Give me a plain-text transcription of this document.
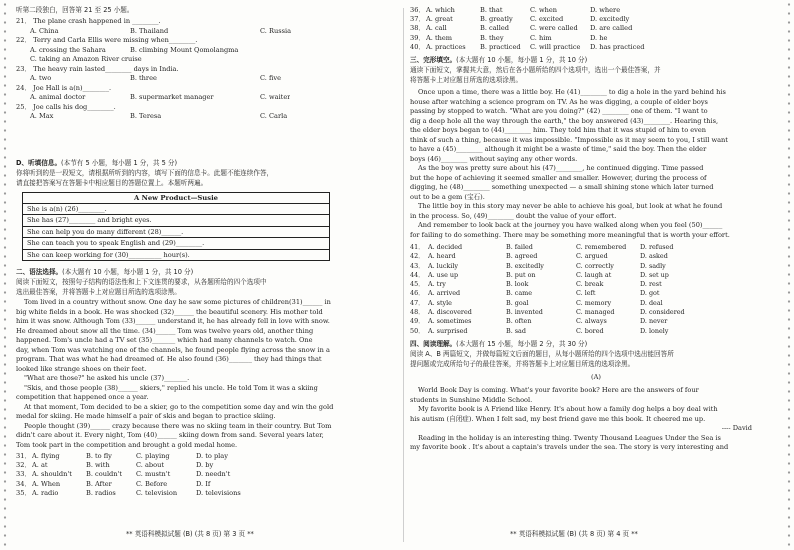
听第二段独白，回答第 21 至 25 小题。
21． The plane crash happened in ________.
A. China	B. Thailand	C. Russia
22． Terry and Carla Ellis were missing when________.
A. crossing the Sahara	B. climbing Mount Qomolangma
C. taking an Amazon River cruise
23． The heavy rain lasted________ days in India.
A. two	B. three	C. five
24． Joe Hall is a(n)________.
A. animal doctor	B. supermarket manager	C. waiter
25． Joe calls his dog________.
A. Max	B. Teresa	C. Carla
D、听填信息。(本节有 5 小题，每小题 1 分，共 5 分)
你将听到的是一段短文，请根据所听到的内容，填写下面的信息卡。此题不能连续作答，
请直接把答案写在答题卡中相应题目的答题位置上。本题听两遍。
A New Product—Susie
She is a(n) (26)________.
She has (27)________ and bright eyes.
She can help you do many different (28)______.
She can teach you to speak English and (29)________.
She can keep working for (30)__________ hour(s).
二、语法选择。(本大题有 10 小题，每小题 1 分，共 10 分)
阅读下面短文，按照句子结构的语法性和上下文连贯的要求，从各题所给的四个选项中
选出最佳答案，并将答题卡上对应题目所选的选项涂黑。
Tom lived in a country without snow. One day he saw some pictures of children(31)______ in
big white fields in a book. He was shocked (32)______ the beautiful scenery. His mother told
him it was snow. Although Tom (33)______ understand it, he has already fell in love with snow.
He dreamed about snow all the time. (34)______ Tom was twelve years old, another thing
happened. Tom's uncle had a TV set (35)_______ which had many channels to watch. One
day, when Tom was watching one of the channels, he found people flying across the snow in a
program. That was what he had dreamed of. He also found (36)_______ they had things that
looked like strange shoes on their feet.
"What are those?" he asked his uncle (37)_______.
"Skis, and those people (38)______ skiers," replied his uncle. He told Tom it was a skiing
competition that happened once a year.
At that moment, Tom decided to be a skier, go to the competition some day and win the gold
medal for skiing. He made himself a pair of skis and began to practice skiing.
People thought (39)______ crazy because there was no skiing team in their country. But Tom
didn't care about it. Every night, Tom (40)______ skiing down from sand. Several years later,
Tom took part in the competition and brought a gold medal home.
31． A. flying	B. to fly	C. playing	D. to play
32． A. at	B. with	C. about	D. by
33． A. shouldn't	B. couldn't	C. mustn't	D. needn't
34． A. When	B. After	C. Before	D. If
35． A. radio	B. radios	C. television	D. televisions
** 英语科模拟试题 (B) (共 8 页) 第 3 页 **
36． A. which	B. that	C. when	D. where
37． A. great	B. greatly	C. excited	D. excitedly
38． A. call	B. called	C. were called	D. are called
39． A. them	B. they	C. him	D. he
40． A. practices	B. practiced	C. will practice	D. has practiced
三、完形填空。(本大题有 10 小题，每小题 1 分，共 10 分)
通读下面短文，掌握其大意，然后在各小题所给的四个选项中，选出一个最佳答案，并
将答题卡上对应题目所选的选项涂黑。
Once upon a time, there was a little boy. He (41)________ to dig a hole in the yard behind his
house after watching a science program on TV. As he was digging, a couple of elder boys
passing by stopped to watch. "What are you doing?" (42) ________ one of them. "I want to
dig a deep hole all the way through the earth," the boy answered (43)________. Hearing this,
the elder boys began to (44)________ him. They told him that it was stupid of him to even
think of such a thing, because it was impossible. "Impossible as it may seem to you, I still want
to have a (45)________ although it might be a waste of time," said the boy. Then the elder
boys (46)________ without saying any other words.
As the boy was pretty sure about his (47)________, he continued digging. Time passed
but the hope of achieving it seemed smaller and smaller. However, during the process of
digging, he (48)________ something unexpected — a small shining stone which later turned
out to be a gem (宝石).
The little boy in this story may never be able to achieve his goal, but look at what he found
in the process. So, (49)________ doubt the value of your effort.
And remember to look back at the journey you have walked along when you feel (50)______
for failing to do something. There may be something more meaningful that is worth your effort.
41． A. decided	B. failed	C. remembered	D. refused
42． A. heard	B. agreed	C. argued	D. asked
43． A. luckily	B. excitedly	C. correctly	D. sadly
44． A. use up	B. put on	C. laugh at	D. set up
45． A. try	B. look	C. break	D. rest
46． A. arrived	B. came	C. left	D. got
47． A. style	B. goal	C. memory	D. deal
48． A. discovered	B. invented	C. managed	D. considered
49． A. sometimes	B. often	C. always	D. never
50． A. surprised	B. sad	C. bored	D. lonely
四、阅读理解。(本大题有 15 小题，每小题 2 分，共 30 分)
阅读 A、B 两篇短文，并做每篇短文后面的题目，从每小题所给的四个选项中选出能回答所
提问题或完成所给句子的最佳答案，并将答题卡上对应题目所选的选项涂黑。
(A)
World Book Day is coming. What's your favorite book? Here are the answers of four
students in Sunshine Middle School.
My favorite book is A Friend like Henry. It's about how a family dog helps a boy deal with
his autism (自闭症). When I felt sad, my best friend gave me this book. It cheered me up.
---- David
Reading in the holiday is an interesting thing. Twenty Thousand Leagues Under the Sea is
my favorite book . It's about a captain's travels under the sea. The story is very interesting and
** 英语科模拟试题 (B) (共 8 页) 第 4 页 **
